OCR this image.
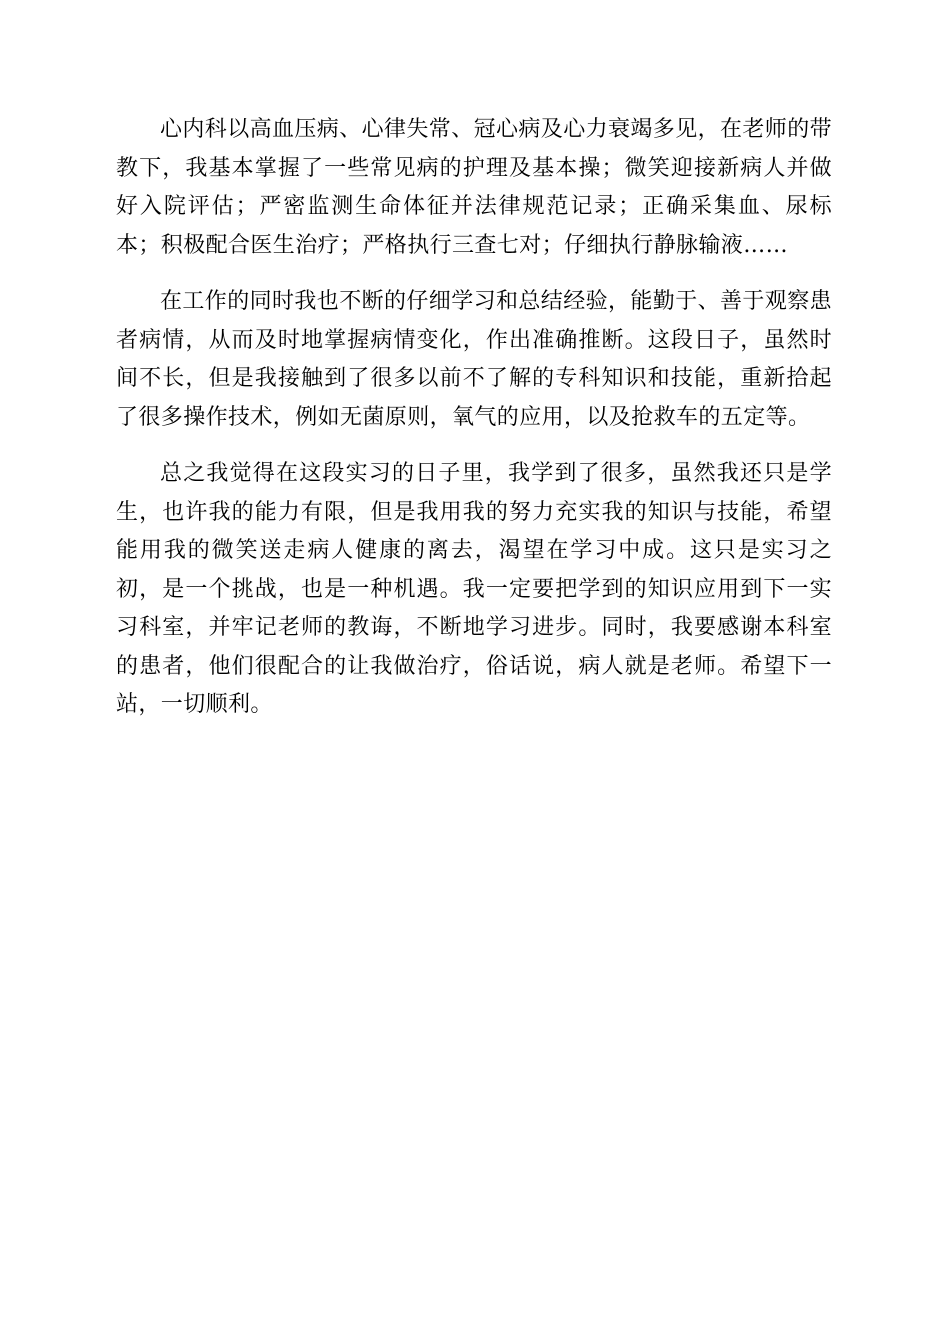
心内科以高血压病、心律失常、冠心病及心力衰竭多见，在老师的带教下，我基本掌握了一些常见病的护理及基本操；微笑迎接新病人并做好入院评估；严密监测生命体征并法律规范记录；正确采集血、尿标本；积极配合医生治疗；严格执行三查七对；仔细执行静脉输液……

在工作的同时我也不断的仔细学习和总结经验，能勤于、善于观察患者病情，从而及时地掌握病情变化，作出准确推断。这段日子，虽然时间不长，但是我接触到了很多以前不了解的专科知识和技能，重新拾起了很多操作技术，例如无菌原则，氧气的应用，以及抢救车的五定等。

总之我觉得在这段实习的日子里，我学到了很多，虽然我还只是学生，也许我的能力有限，但是我用我的努力充实我的知识与技能，希望能用我的微笑送走病人健康的离去，渴望在学习中成。这只是实习之初，是一个挑战，也是一种机遇。我一定要把学到的知识应用到下一实习科室，并牢记老师的教诲，不断地学习进步。同时，我要感谢本科室的患者，他们很配合的让我做治疗，俗话说，病人就是老师。希望下一站，一切顺利。
